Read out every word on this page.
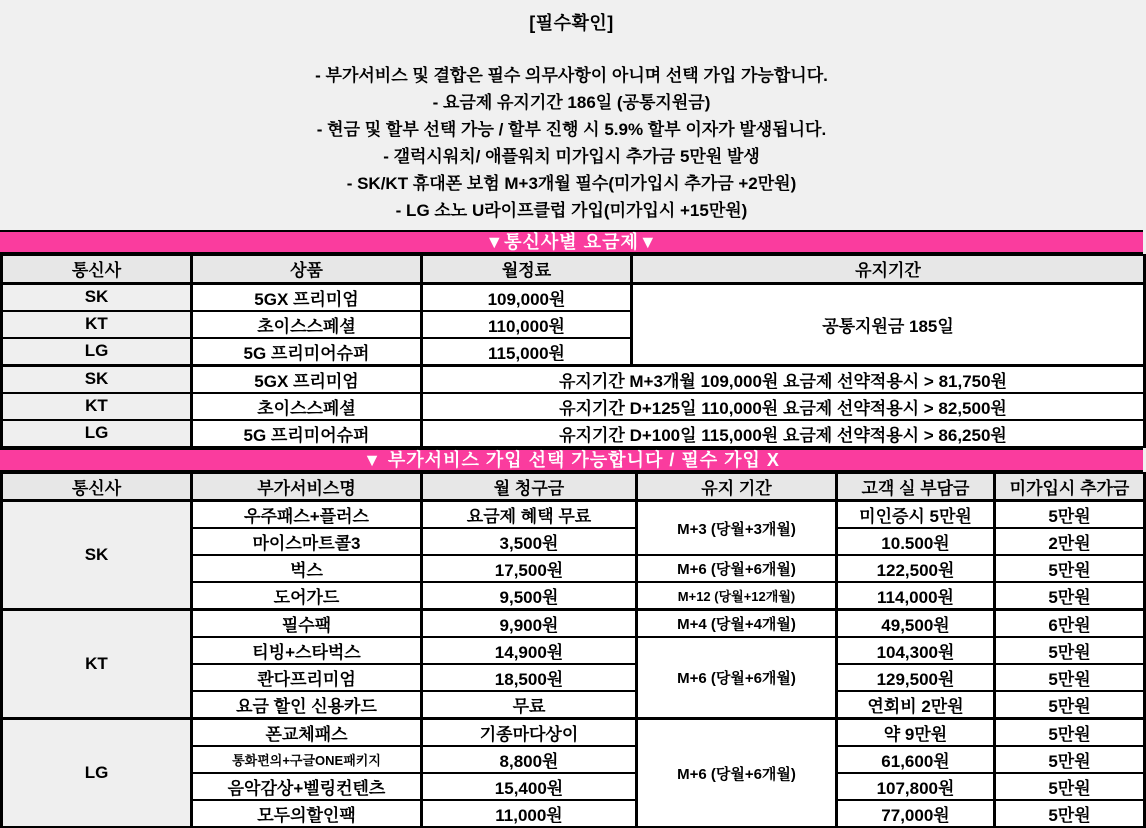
[필수확인]
- 부가서비스 및 결합은 필수 의무사항이 아니며 선택 가입 가능합니다.
- 요금제 유지기간 186일 (공통지원금)
- 현금 및 할부 선택 가능 / 할부 진행 시 5.9% 할부 이자가 발생됩니다.
- 갤럭시워치/ 애플워치 미가입시 추가금 5만원 발생
- SK/KT 휴대폰 보험 M+3개월 필수(미가입시 추가금 +2만원)
- LG 소노 U라이프클럽 가입(미가입시 +15만원)
▼통신사별 요금제▼
통신사	상품	월정료	유지기간
SK	5GX 프리미엄	109,000원	공통지원금 185일
KT	초이스스페셜	110,000원	
LG	5G 프리미어슈퍼	115,000원	
SK	5GX 프리미엄	유지기간 M+3개월 109,000원 요금제 선약적용시 > 81,750원	
KT	초이스스페셜	유지기간 D+125일 110,000원 요금제 선약적용시 > 82,500원	
LG	5G 프리미어슈퍼	유지기간 D+100일 115,000원 요금제 선약적용시 > 86,250원	
▼ 부가서비스 가입 선택 가능합니다 / 필수 가입 X
통신사	부가서비스명	월 청구금	유지 기간	고객 실 부담금	미가입시 추가금
SK	우주패스+플러스	요금제 혜택 무료	M+3 (당월+3개월)	미인증시 5만원	5만원
	마이스마트콜3	3,500원		10.500원	2만원
	벅스	17,500원	M+6 (당월+6개월)	122,500원	5만원
	도어가드	9,500원	M+12 (당월+12개월)	114,000원	5만원
KT	필수팩	9,900원	M+4 (당월+4개월)	49,500원	6만원
	티빙+스타벅스	14,900원	M+6 (당월+6개월)	104,300원	5만원
	콴다프리미엄	18,500원		129,500원	5만원
	요금 할인 신용카드	무료		연회비 2만원	5만원
LG	폰교체패스	기종마다상이	M+6 (당월+6개월)	약 9만원	5만원
	통화편의+구글ONE패키지	8,800원		61,600원	5만원
	음악감상+벨링컨텐츠	15,400원		107,800원	5만원
	모두의할인팩	11,000원		77,000원	5만원
